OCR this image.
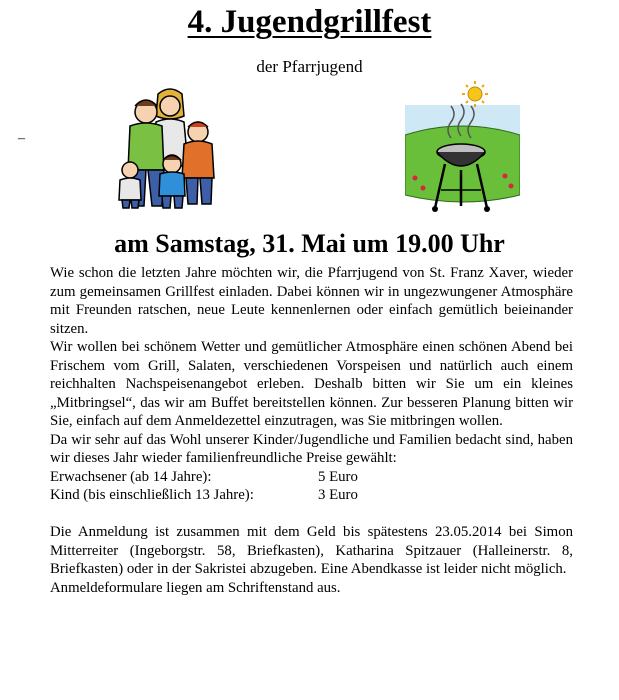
4. Jugendgrillfest
der Pfarrjugend
–
am Samstag, 31. Mai um 19.00 Uhr

Wie schon die letzten Jahre möchten wir, die Pfarrjugend von St. Franz Xaver, wieder zum gemeinsamen Grillfest einladen. Dabei können wir in ungezwungener Atmosphäre mit Freunden ratschen, neue Leute kennenlernen oder einfach gemütlich beieinander sitzen.

Wir wollen bei schönem Wetter und gemütlicher Atmosphäre einen schönen Abend bei Frischem vom Grill, Salaten, verschiedenen Vorspeisen und natürlich auch einem reichhalten Nachspeisenangebot erleben. Deshalb bitten wir Sie um ein kleines „Mitbringsel“, das wir am Buffet bereitstellen können. Zur besseren Planung bitten wir Sie, einfach auf dem Anmeldezettel einzutragen, was Sie mitbringen wollen.

Da wir sehr auf das Wohl unserer Kinder/Jugendliche und Familien bedacht sind, haben wir dieses Jahr wieder familienfreundliche Preise gewählt:

Erwachsener (ab 14 Jahre):	5 Euro
Kind (bis einschließlich 13 Jahre):	3 Euro

Die Anmeldung ist zusammen mit dem Geld bis spätestens 23.05.2014 bei Simon Mitterreiter (Ingeborgstr. 58, Briefkasten), Katharina Spitzauer (Halleinerstr. 8, Briefkasten) oder in der Sakristei abzugeben. Eine Abendkasse ist leider nicht möglich.

Anmeldeformulare liegen am Schriftenstand aus.
